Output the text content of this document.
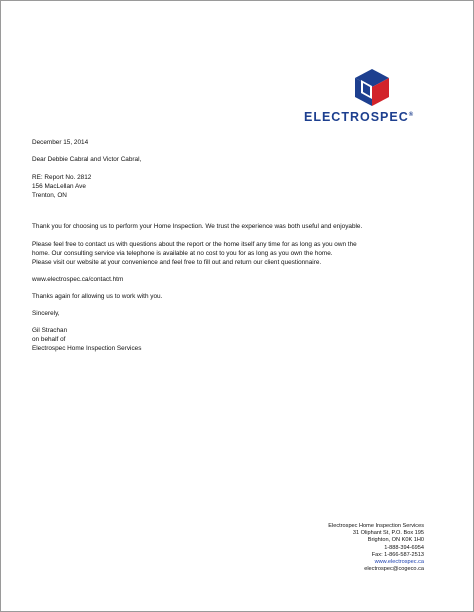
ELECTROSPEC®
December 15, 2014
Dear Debbie Cabral and Victor Cabral,
RE: Report No. 2812
156 MacLellan Ave
Trenton, ON
Thank you for choosing us to perform your Home Inspection. We trust the experience was both useful and enjoyable.
Please feel free to contact us with questions about the report or the home itself any time for as long as you own the
home. Our consulting service via telephone is available at no cost to you for as long as you own the home.
Please visit our website at your convenience and feel free to fill out and return our client questionnaire.
www.electrospec.ca/contact.htm
Thanks again for allowing us to work with you.
Sincerely,
Gil Strachan
on behalf of
Electrospec Home Inspection Services
Electrospec Home Inspection Services
31 Oliphant St, P.O. Box 195
Brighton, ON K0K 1H0
1-888-394-6954
Fax: 1-866-587-2513
www.electrospec.ca
electrospec@cogeco.ca
